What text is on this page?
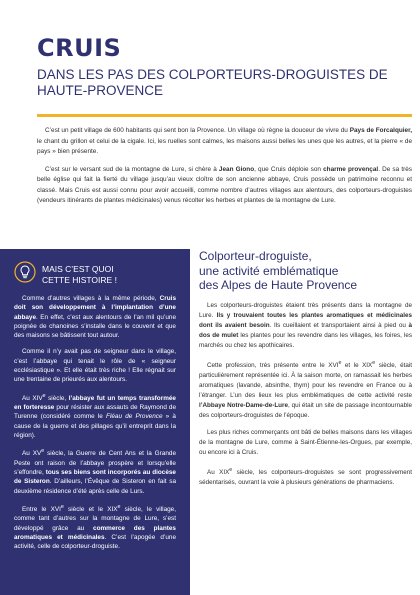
CRUIS
DANS LES PAS DES COLPORTEURS-DROGUISTES DE HAUTE-PROVENCE

C’est un petit village de 600 habitants qui sent bon la Provence. Un village où règne la douceur de vivre du Pays de Forcalquier, le chant du grillon et celui de la cigale. Ici, les ruelles sont calmes, les maisons aussi belles les unes que les autres, et la pierre « de pays » bien présente.

C’est sur le versant sud de la montagne de Lure, si chère à Jean Giono, que Cruis déploie son charme provençal. De sa très belle église qui fait la fierté du village jusqu’au vieux cloître de son ancienne abbaye, Cruis possède un patrimoine reconnu et classé. Mais Cruis est aussi connu pour avoir accueilli, comme nombre d’autres villages aux alentours, des colporteurs-droguistes (vendeurs itinérants de plantes médicinales) venus récolter les herbes et plantes de la montagne de Lure.

MAIS C’EST QUOI
CETTE HISTOIRE !

Comme d’autres villages à la même période, Cruis doit son développement à l’implantation d’une abbaye. En effet, c’est aux alentours de l’an mil qu’une poignée de chanoines s’installe dans le couvent et que des maisons se bâtissent tout autour.

Comme il n’y avait pas de seigneur dans le village, c’est l’abbaye qui tenait le rôle de « seigneur ecclésiastique ». Et elle était très riche ! Elle régnait sur une trentaine de prieurés aux alentours.

Au XIVe siècle, l’abbaye fut un temps transformée en forteresse pour résister aux assauts de Raymond de Turenne (considéré comme le Fléau de Provence » à cause de la guerre et des pillages qu’il entreprit dans la région).

Au XVe siècle, la Guerre de Cent Ans et la Grande Peste ont raison de l’abbaye prospère et lorsqu’elle s’effondre, tous ses biens sont incorporés au diocèse de Sisteron. D’ailleurs, l’Évêque de Sisteron en fait sa deuxième résidence d’été après celle de Lurs.

Entre le XVIe siècle et le XIXe siècle, le village, comme tant d’autres sur la montagne de Lure, s’est développé grâce au commerce des plantes aromatiques et médicinales. C’est l’apogée d’une activité, celle de colporteur-droguiste.

Colporteur-droguiste,
une activité emblématique
des Alpes de Haute Provence

Les colporteurs-droguistes étaient très présents dans la montagne de Lure. Ils y trouvaient toutes les plantes aromatiques et médicinales dont ils avaient besoin. Ils cueillaient et transportaient ainsi à pied ou à dos de mulet les plantes pour les revendre dans les villages, les foires, les marchés ou chez les apothicaires.

Cette profession, très présente entre le XVIe et le XIXe siècle, était particulièrement représentée ici. À la saison morte, on ramassait les herbes aromatiques (lavande, absinthe, thym) pour les revendre en France ou à l’étranger. L’un des lieux les plus emblématiques de cette activité reste l’Abbaye Notre-Dame-de-Lure, qui était un site de passage incontournable des colporteurs-droguistes de l’époque.

Les plus riches commerçants ont bâti de belles maisons dans les villages de la montagne de Lure, comme à Saint-Étienne-les-Orgues, par exemple, ou encore ici à Cruis.

Au XIXe siècle, les colporteurs-droguistes se sont progressivement sédentarisés, ouvrant la voie à plusieurs générations de pharmaciens.
